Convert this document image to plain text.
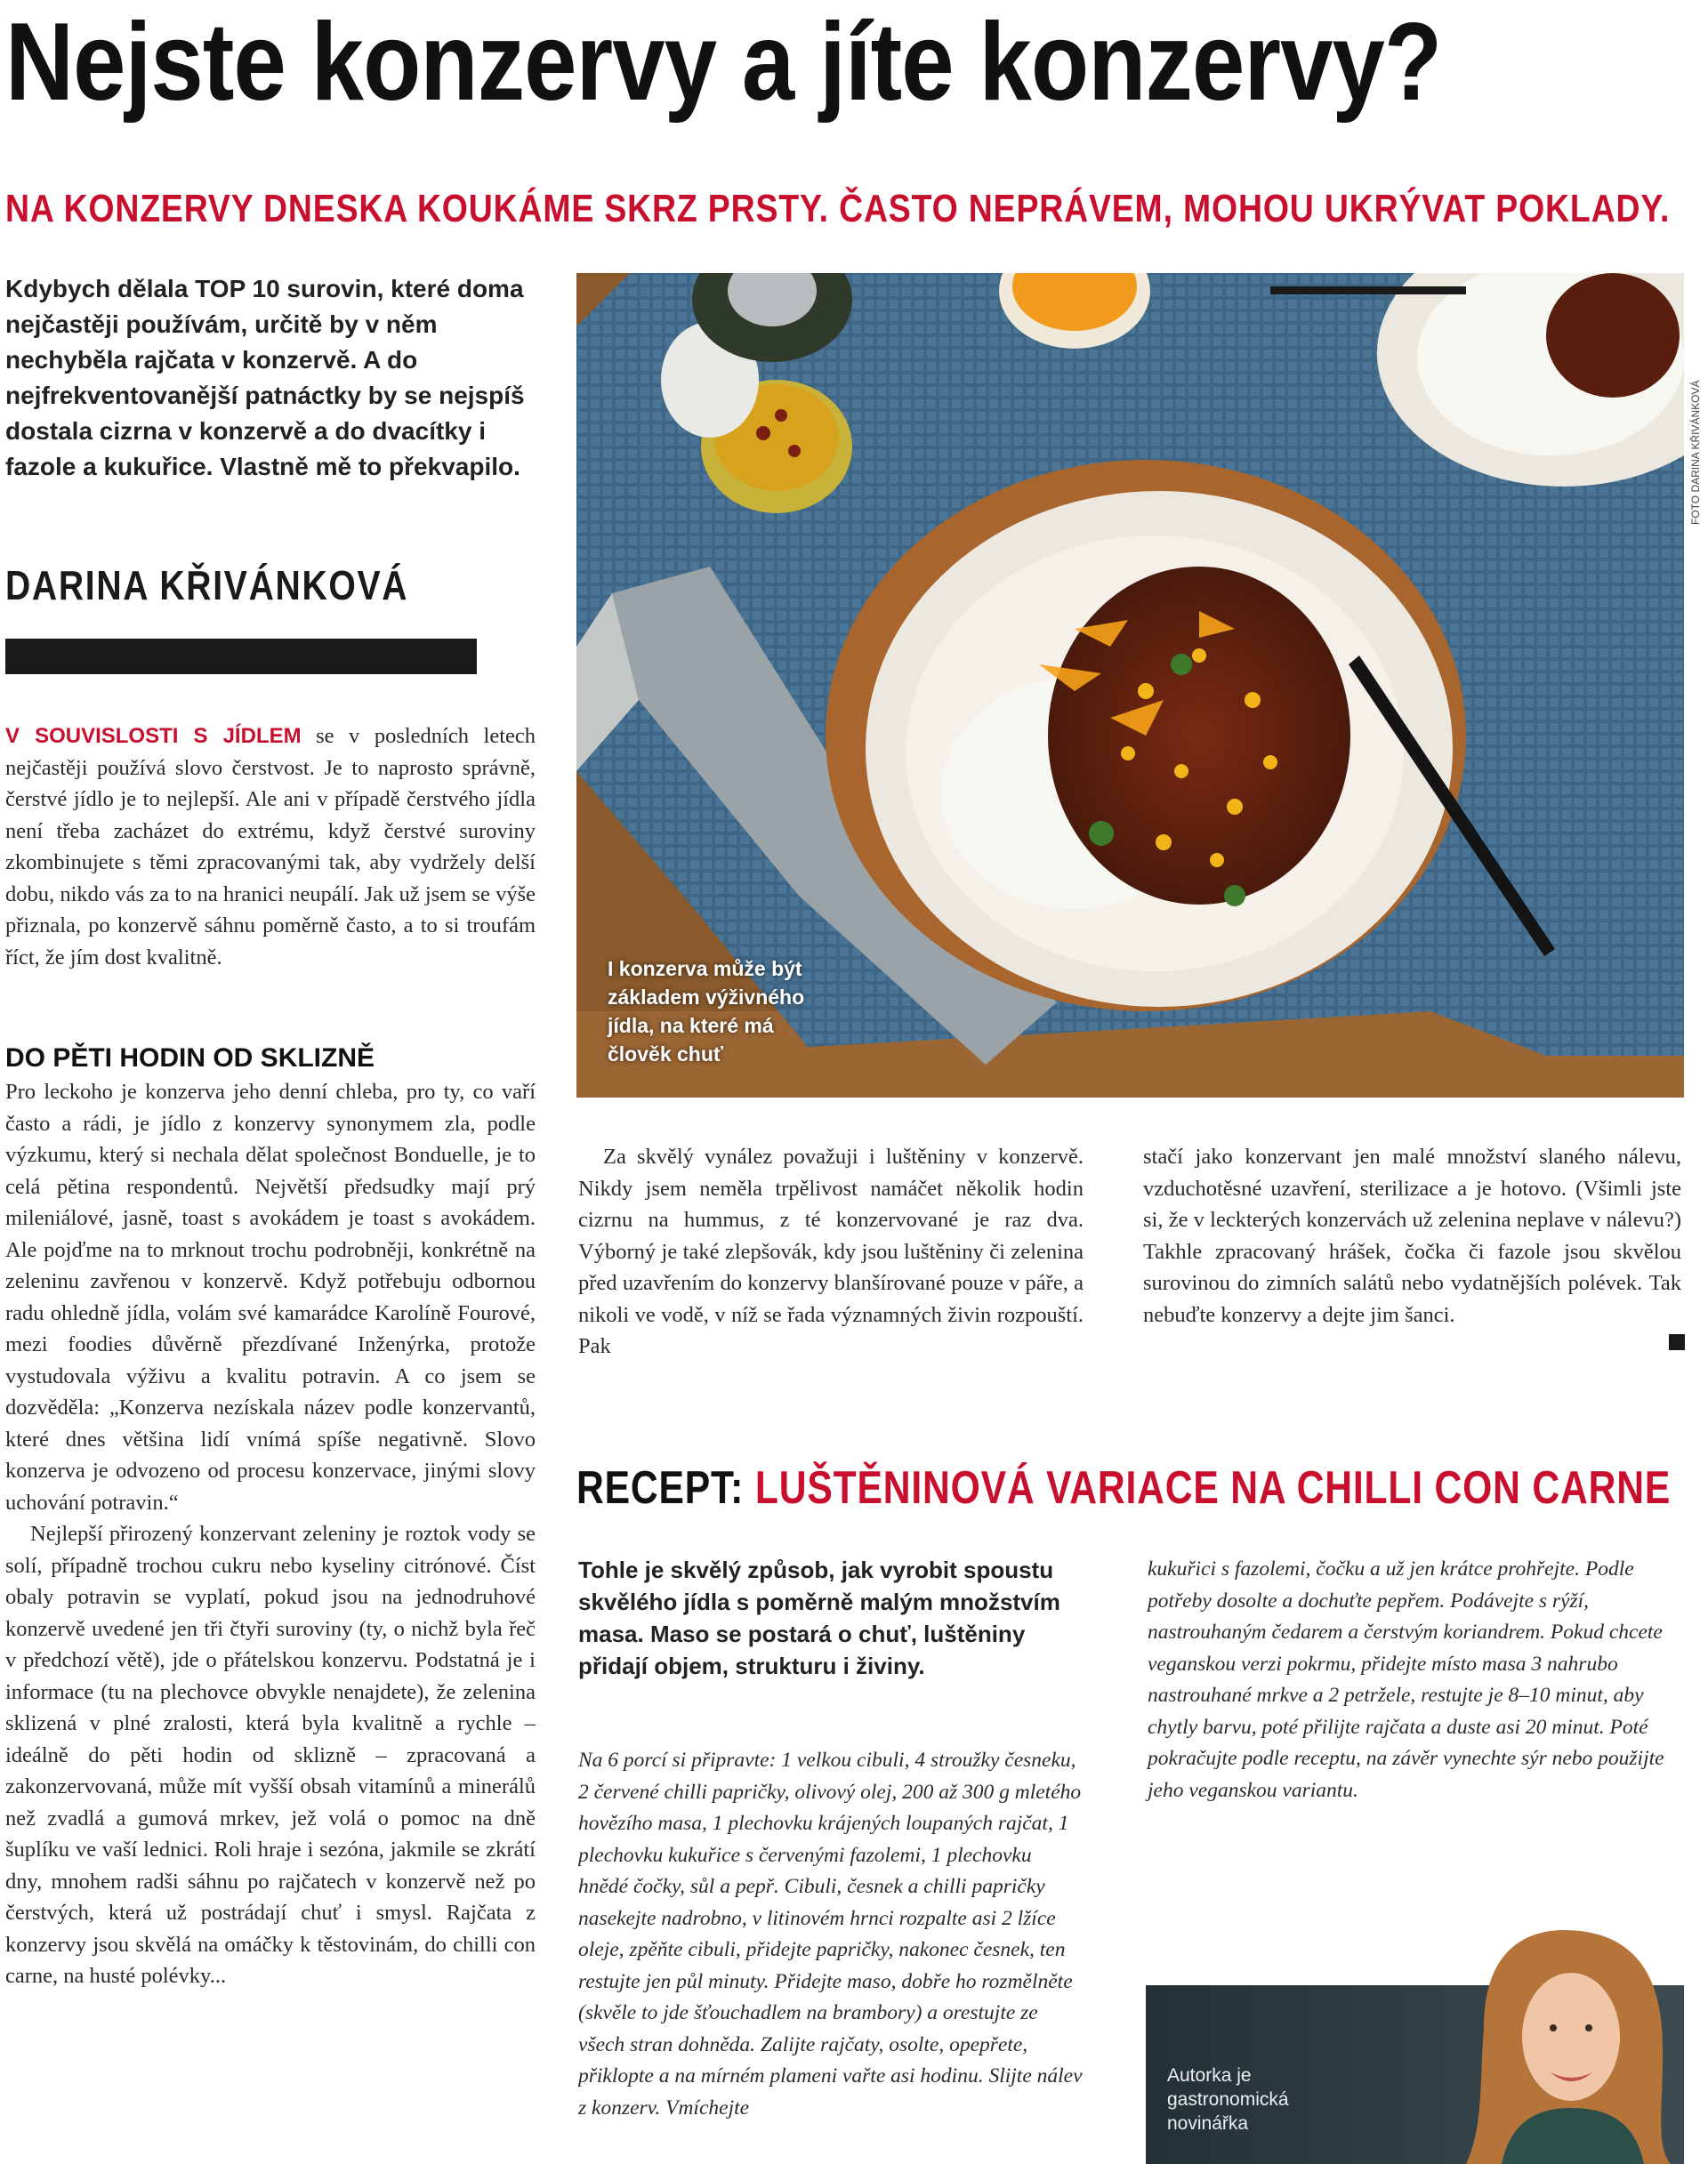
Nejste konzervy a jíte konzervy?
NA KONZERVY DNESKA KOUKÁME SKRZ PRSTY. ČASTO NEPRÁVEM, MOHOU UKRÝVAT POKLADY.
Kdybych dělala TOP 10 surovin, které doma nejčastěji používám, určitě by v něm nechyběla rajčata v konzervě. A do nejfrekventovanější patnáctky by se nejspíš dostala cizrna v konzervě a do dvacítky i fazole a kukuřice. Vlastně mě to překvapilo.
DARINA KŘIVÁNKOVÁ
V SOUVISLOSTI S JÍDLEM se v posledních letech nejčastěji používá slovo čerstvost. Je to naprosto správně, čerstvé jídlo je to nejlepší. Ale ani v případě čerstvého jídla není třeba zacházet do extrému, když čerstvé suroviny zkombinujete s těmi zpracovanými tak, aby vydržely delší dobu, nikdo vás za to na hranici neupálí. Jak už jsem se výše přiznala, po konzervě sáhnu poměrně často, a to si troufám říct, že jím dost kvalitně.
DO PĚTI HODIN OD SKLIZNĚ
Pro leckoho je konzerva jeho denní chleba, pro ty, co vaří často a rádi, je jídlo z konzervy synonymem zla, podle výzkumu, který si nechala dělat společnost Bonduelle, je to celá pětina respondentů. Největší předsudky mají prý mileniálové, jasně, toast s avokádem je toast s avokádem. Ale pojďme na to mrknout trochu podrobněji, konkrétně na zeleninu zavřenou v konzervě. Když potřebuju odbornou radu ohledně jídla, volám své kamarádce Karolíně Fourové, mezi foodies důvěrně přezdívané Inženýrka, protože vystudovala výživu a kvalitu potravin. A co jsem se dozvěděla: „Konzerva nezískala název podle konzervantů, které dnes většina lidí vnímá spíše negativně. Slovo konzerva je odvozeno od procesu konzervace, jinými slovy uchování potravin.“
Nejlepší přirozený konzervant zeleniny je roztok vody se solí, případně trochou cukru nebo kyseliny citrónové. Číst obaly potravin se vyplatí, pokud jsou na jednodruhové konzervě uvedené jen tři čtyři suroviny (ty, o nichž byla řeč v předchozí větě), jde o přátelskou konzervu. Podstatná je i informace (tu na plechovce obvykle nenajdete), že zelenina sklizená v plné zralosti, která byla kvalitně a rychle – ideálně do pěti hodin od sklizně – zpracovaná a zakonzervovaná, může mít vyšší obsah vitamínů a minerálů než zvadlá a gumová mrkev, jež volá o pomoc na dně šuplíku ve vaší lednici. Roli hraje i sezóna, jakmile se zkrátí dny, mnohem radši sáhnu po rajčatech v konzervě než po čerstvých, která už postrádají chuť i smysl. Rajčata z konzervy jsou skvělá na omáčky k těstovinám, do chilli con carne, na husté polévky...
I konzerva může být základem výživného jídla, na které má člověk chuť
FOTO DARINA KŘIVÁNKOVÁ
Za skvělý vynález považuji i luštěniny v konzervě. Nikdy jsem neměla trpělivost namáčet několik hodin cizrnu na hummus, z té konzervované je raz dva. Výborný je také zlepšovák, kdy jsou luštěniny či zelenina před uzavřením do konzervy blanšírované pouze v páře, a nikoli ve vodě, v níž se řada významných živin rozpouští. Pak
stačí jako konzervant jen malé množství slaného nálevu, vzduchotěsné uzavření, sterilizace a je hotovo. (Všimli jste si, že v leckterých konzervách už zelenina neplave v nálevu?) Takhle zpracovaný hrášek, čočka či fazole jsou skvělou surovinou do zimních salátů nebo vydatnějších polévek. Tak nebuďte konzervy a dejte jim šanci.
RECEPT: LUŠTĚNINOVÁ VARIACE NA CHILLI CON CARNE
Tohle je skvělý způsob, jak vyrobit spoustu skvělého jídla s poměrně malým množstvím masa. Maso se postará o chuť, luštěniny přidají objem, strukturu i živiny.
Na 6 porcí si připravte: 1 velkou cibuli, 4 stroužky česneku, 2 červené chilli papričky, olivový olej, 200 až 300 g mletého hovězího masa, 1 plechovku krájených loupaných rajčat, 1 plechovku kukuřice s červenými fazolemi, 1 plechovku hnědé čočky, sůl a pepř. Cibuli, česnek a chilli papričky nasekejte nadrobno, v litinovém hrnci rozpalte asi 2 lžíce oleje, zpěňte cibuli, přidejte papričky, nakonec česnek, ten restujte jen půl minuty. Přidejte maso, dobře ho rozmělněte (skvěle to jde šťouchadlem na brambory) a orestujte ze všech stran dohněda. Zalijte rajčaty, osolte, opepřete, přiklopte a na mírném plameni vařte asi hodinu. Slijte nálev z konzerv. Vmíchejte
kukuřici s fazolemi, čočku a už jen krátce prohřejte. Podle potřeby dosolte a dochuťte pepřem. Podávejte s rýží, nastrouhaným čedarem a čerstvým koriandrem. Pokud chcete veganskou verzi pokrmu, přidejte místo masa 3 nahrubo nastrouhané mrkve a 2 petržele, restujte je 8–10 minut, aby chytly barvu, poté přilijte rajčata a duste asi 20 minut. Poté pokračujte podle receptu, na závěr vynechte sýr nebo použijte jeho veganskou variantu.
Autorka je gastronomická novinářka
